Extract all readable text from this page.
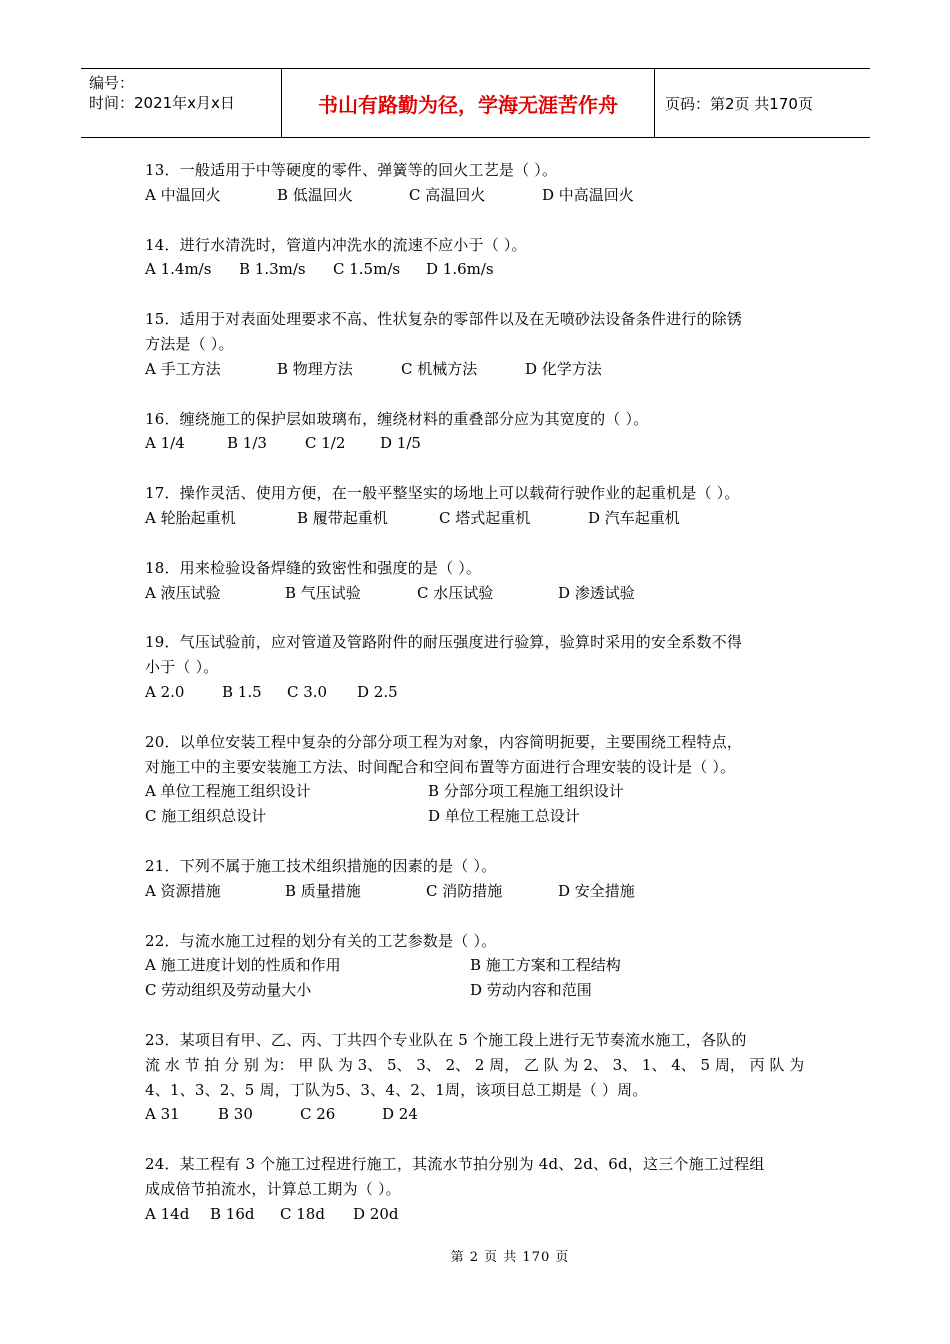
编号：
时间：2021年x月x日	书山有路勤为径，学海无涯苦作舟	页码：第2页 共170页
13．一般适用于中等硬度的零件、弹簧等的回火工艺是（ ）。
A 中温回火	B 低温回火	C 高温回火	D 中高温回火
14．进行水清洗时，管道内冲洗水的流速不应小于（ ）。
A 1.4m/s	B 1.3m/s	C 1.5m/s	D 1.6m/s
15．适用于对表面处理要求不高、性状复杂的零部件以及在无喷砂法设备条件进行的除锈
方法是（ ）。
A 手工方法	B 物理方法	C 机械方法	D 化学方法
16．缠绕施工的保护层如玻璃布，缠绕材料的重叠部分应为其宽度的（ ）。
A 1/4	B 1/3	C 1/2	D 1/5
17．操作灵活、使用方便，在一般平整坚实的场地上可以载荷行驶作业的起重机是（ ）。
A 轮胎起重机	B 履带起重机	C 塔式起重机	D 汽车起重机
18．用来检验设备焊缝的致密性和强度的是（ ）。
A 液压试验	B 气压试验	C 水压试验	D 渗透试验
19．气压试验前，应对管道及管路附件的耐压强度进行验算，验算时采用的安全系数不得
小于（ ）。
A 2.0	B 1.5	C 3.0	D 2.5
20．以单位安装工程中复杂的分部分项工程为对象，内容简明扼要，主要围绕工程特点，
对施工中的主要安装施工方法、时间配合和空间布置等方面进行合理安装的设计是（ ）。
A 单位工程施工组织设计	B 分部分项工程施工组织设计
C 施工组织总设计	D 单位工程施工总设计
21．下列不属于施工技术组织措施的因素的是（ ）。
A 资源措施	B 质量措施	C 消防措施	D 安全措施
22．与流水施工过程的划分有关的工艺参数是（ ）。
A 施工进度计划的性质和作用	B 施工方案和工程结构
C 劳动组织及劳动量大小	D 劳动内容和范围
23．某项目有甲、乙、丙、丁共四个专业队在 5 个施工段上进行无节奏流水施工，各队的
流 水 节 拍 分 别 为： 甲 队 为 3、 5、 3、 2、 2 周， 乙 队 为 2、 3、 1、 4、 5 周， 丙 队 为
4、1、3、2、5 周，丁队为5、3、4、2、1周，该项目总工期是（ ）周。
A 31	B 30	C 26	D 24
24．某工程有 3 个施工过程进行施工，其流水节拍分别为 4d、2d、6d，这三个施工过程组
成成倍节拍流水，计算总工期为（ ）。
A 14d	B 16d	C 18d	D 20d
第 2 页 共 170 页
